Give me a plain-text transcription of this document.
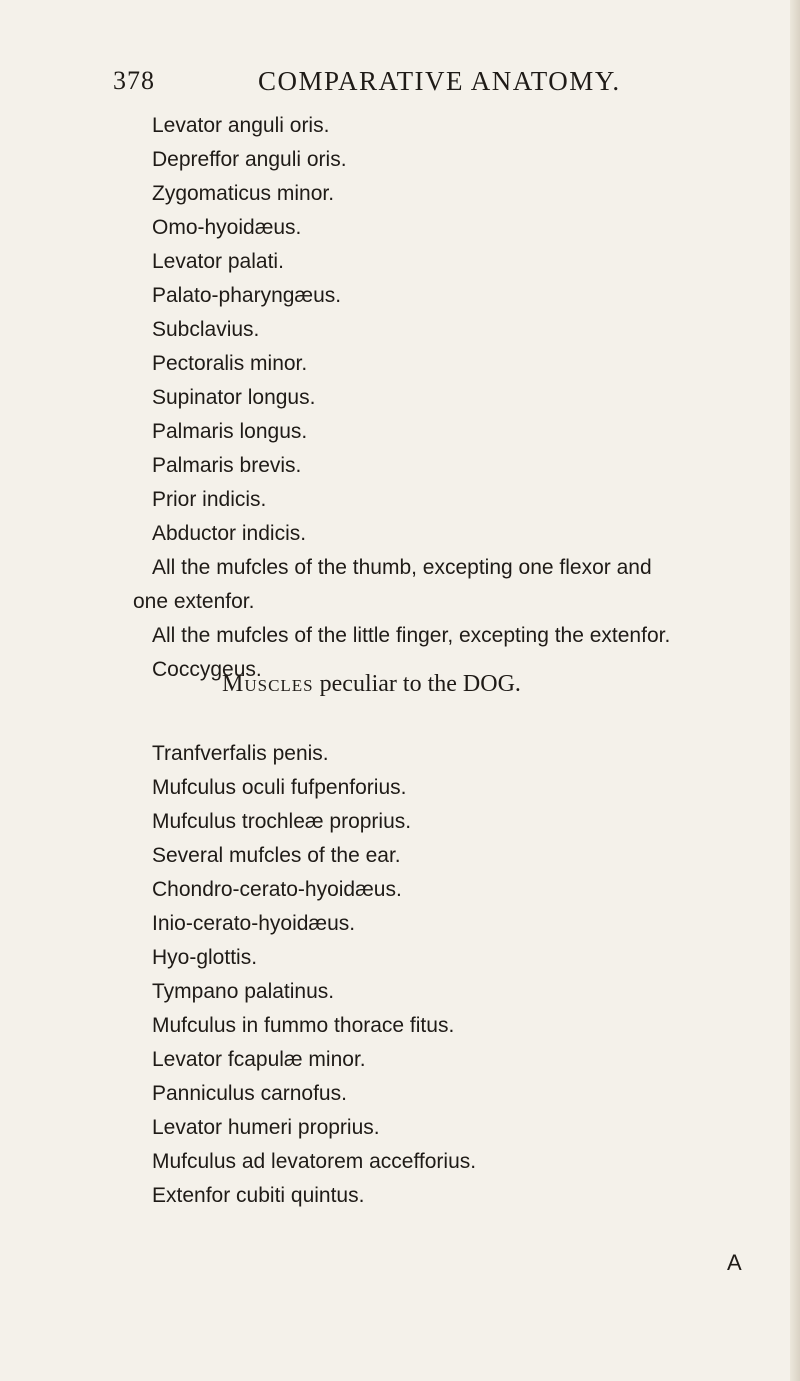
378	COMPARATIVE ANATOMY.
Levator anguli oris.
Depreffor anguli oris.
Zygomaticus minor.
Omo-hyoidæus.
Levator palati.
Palato-pharyngæus.
Subclavius.
Pectoralis minor.
Supinator longus.
Palmaris longus.
Palmaris brevis.
Prior indicis.
Abductor indicis.
All the mufcles of the thumb, excepting one flexor and
one extenfor.
All the mufcles of the little finger, excepting the extenfor.
Coccygeus.
Muscles peculiar to the DOG.
Tranfverfalis penis.
Mufculus oculi fufpenforius.
Mufculus trochleæ proprius.
Several mufcles of the ear.
Chondro-cerato-hyoidæus.
Inio-cerato-hyoidæus.
Hyo-glottis.
Tympano palatinus.
Mufculus in fummo thorace fitus.
Levator fcapulæ minor.
Panniculus carnofus.
Levator humeri proprius.
Mufculus ad levatorem accefforius.
Extenfor cubiti quintus.
A
